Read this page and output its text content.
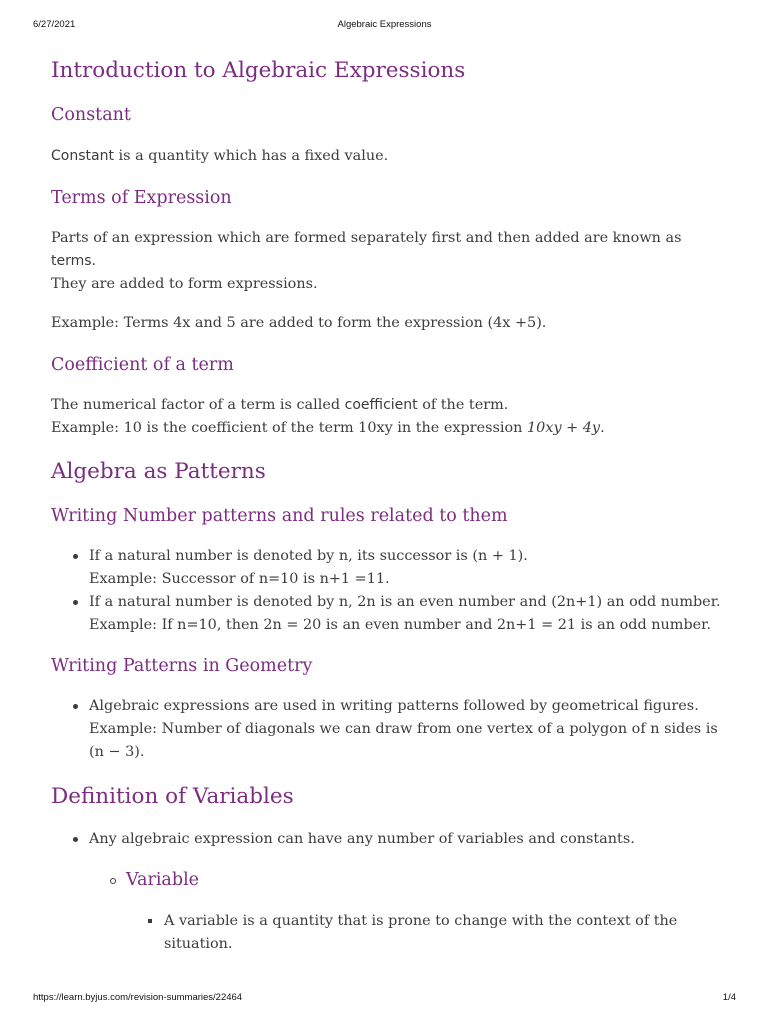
6/27/2021	Algebraic Expressions
Introduction to Algebraic Expressions
Constant

Constant is a quantity which has a fixed value.

Terms of Expression

Parts of an expression which are formed separately first and then added are known as terms.
They are added to form expressions.

Example: Terms 4x and 5 are added to form the expression (4x +5).

Coefficient of a term

The numerical factor of a term is called coefficient of the term.
Example: 10 is the coefficient of the term 10xy in the expression 10xy + 4y.

Algebra as Patterns
Writing Number patterns and rules related to them
If a natural number is denoted by n, its successor is (n + 1).
Example: Successor of n=10 is n+1 =11.
If a natural number is denoted by n, 2n is an even number and (2n+1) an odd number.
Example: If n=10, then 2n = 20 is an even number and 2n+1 = 21 is an odd number.
Writing Patterns in Geometry
Algebraic expressions are used in writing patterns followed by geometrical figures.
Example: Number of diagonals we can draw from one vertex of a polygon of n sides is (n − 3).
Definition of Variables
Any algebraic expression can have any number of variables and constants.
Variable
A variable is a quantity that is prone to change with the context of the situation.
https://learn.byjus.com/revision-summaries/22464	1/4
